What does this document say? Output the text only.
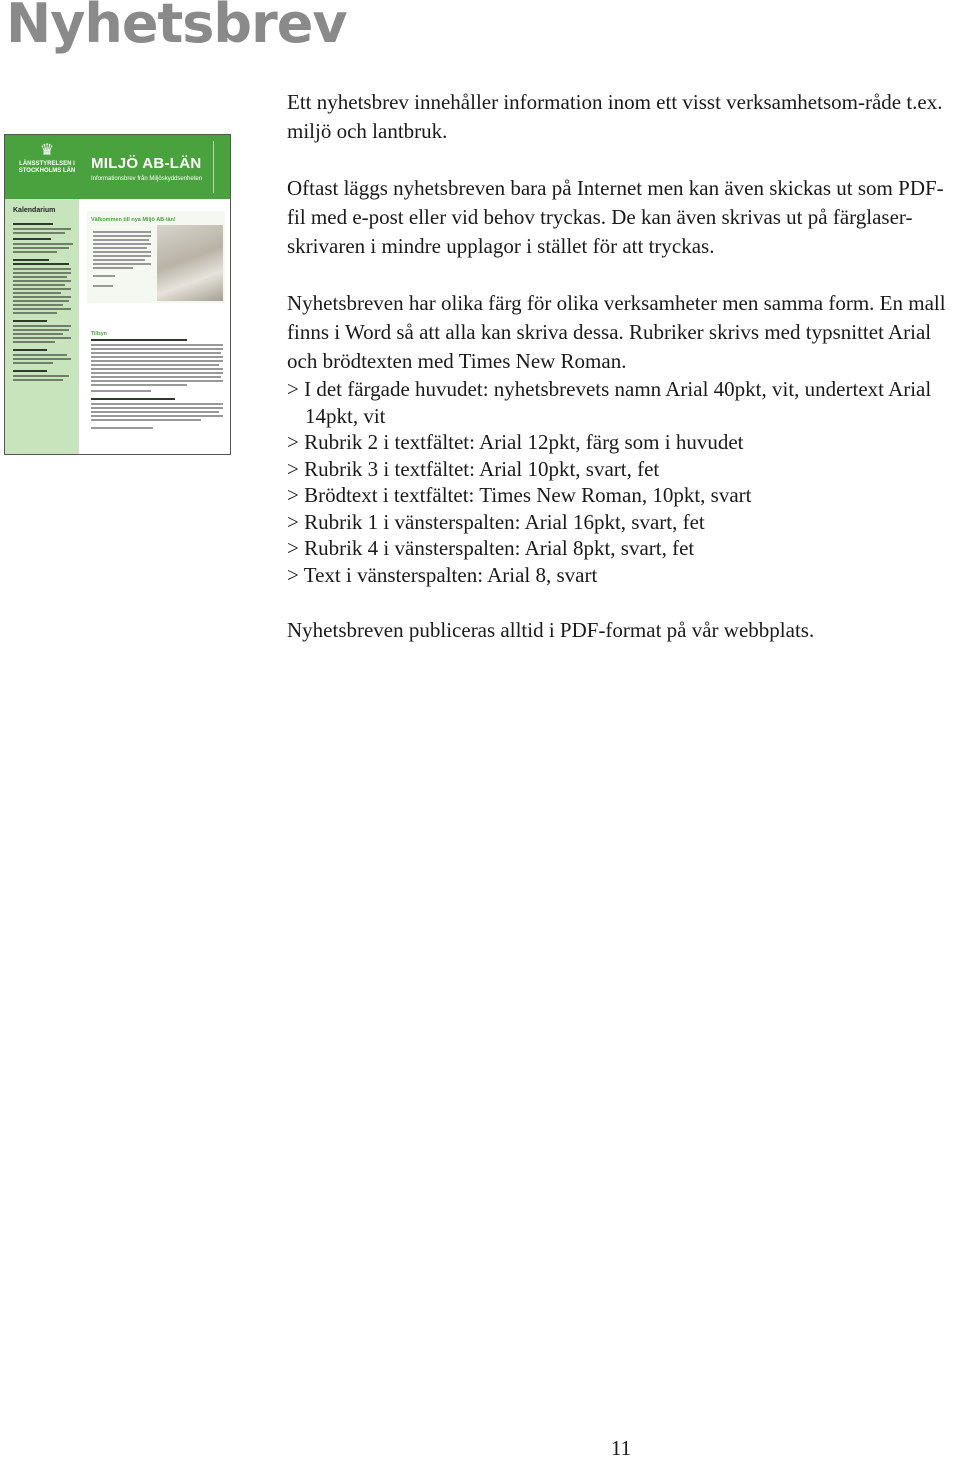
Nyhetsbrev
♛
LÄNSSTYRELSEN I STOCKHOLMS LÄN	MILJÖ AB-LÄN
Informationsbrev från Miljöskyddsenheten
Kalendarium
Välkommen till nya Miljö AB-län!
Tillsyn

Ett nyhetsbrev innehåller information inom ett visst verksamhetsom-råde t.ex. miljö och lantbruk.

Oftast läggs nyhetsbreven bara på Internet men kan även skickas ut som PDF-fil med e-post eller vid behov tryckas. De kan även skrivas ut på färglaser-skrivaren i mindre upplagor i stället för att tryckas.

Nyhetsbreven har olika färg för olika verksamheter men samma form. En mall finns i Word så att alla kan skriva dessa. Rubriker skrivs med typsnittet Arial och brödtexten med Times New Roman.

> I det färgade huvudet: nyhetsbrevets namn Arial 40pkt, vit, undertext Arial 14pkt, vit
> Rubrik 2 i textfältet: Arial 12pkt, färg som i huvudet
> Rubrik 3 i textfältet: Arial 10pkt, svart, fet
> Brödtext i textfältet: Times New Roman, 10pkt, svart
> Rubrik 1 i vänsterspalten: Arial 16pkt, svart, fet
> Rubrik 4 i vänsterspalten: Arial 8pkt, svart, fet
> Text i vänsterspalten: Arial 8, svart

Nyhetsbreven publiceras alltid i PDF-format på vår webbplats.

11
